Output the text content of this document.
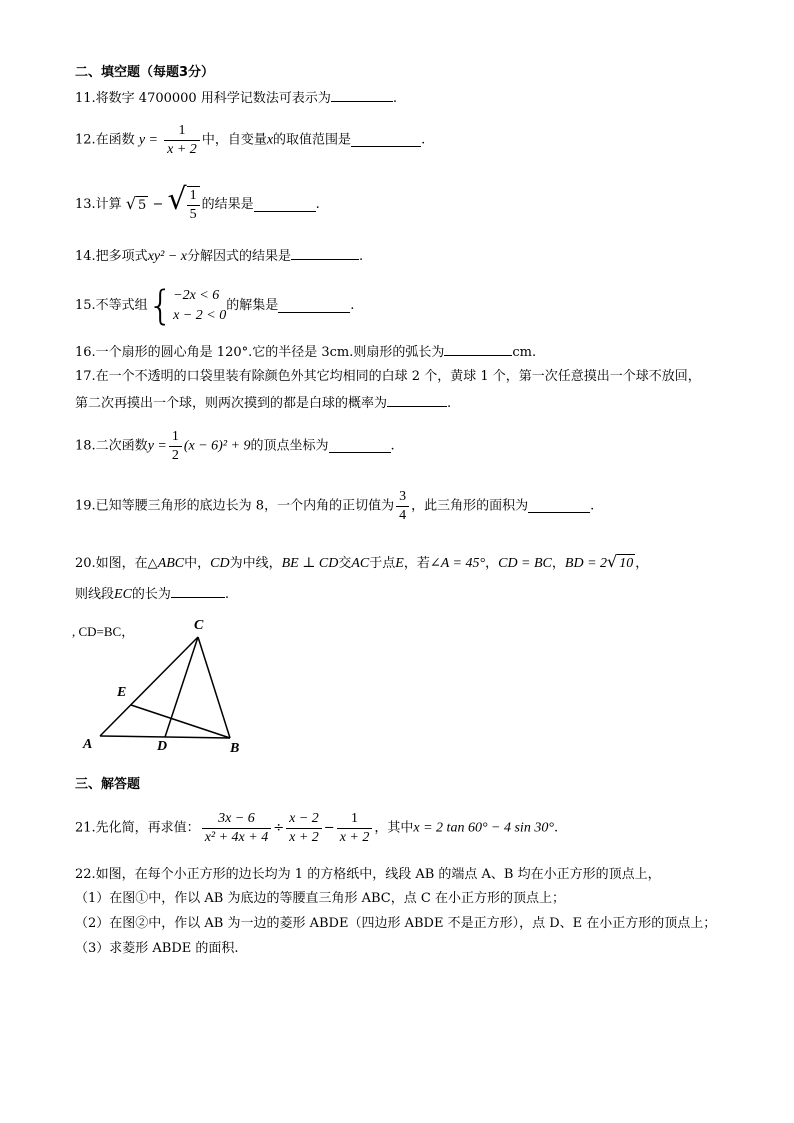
二、填空题（每题3分）
11.将数字 4700000 用科学记数法可表示为	.
12.在函数 $y = \frac{1}{x + 2}$ 中，自变量x的取值范围是	.
13.计算 √ 5 − √ $\frac{1}{5}$ 的结果是	.
14.把多项式xy² − x分解因式的结果是	.
15.不等式组{ −2x < 6
x − 2 < 0
的解集是	.
16.一个扇形的圆心角是 120°.它的半径是 3cm.则扇形的弧长为	cm.
17.在一个不透明的口袋里装有除颜色外其它均相同的白球 2 个，黄球 1 个，第一次任意摸出一个球不放回，
第二次再摸出一个球，则两次摸到的都是白球的概率为	.
18.二次函数$y = \frac{1}{2} (x - 6)^2 + 9$的顶点坐标为	.
19.已知等腰三角形的底边长为 8，一个内角的正切值为 $\frac{3}{4}$ ，此三角形的面积为	.
20.如图，在△ABC中，CD为中线，BE ⊥ CD交AC于点E，若∠A = 45°，CD = BC，BD = 2√ 10 ，
则线段EC的长为	.
, CD=BC，	C
E
A	D	B
三、解答题
21.先化简，再求值： $\frac{3x - 6}{\text{x² + 4x + 4}} \div \frac{x - 2}{x + 2} - \frac{1}{x + 2}$ ，其中x = 2 tan 60° − 4 sin 30°.
22.如图，在每个小正方形的边长均为 1 的方格纸中，线段 AB 的端点 A、B 均在小正方形的顶点上，
（1）在图①中，作以 AB 为底边的等腰直三角形 ABC，点 C 在小正方形的顶点上；
（2）在图②中，作以 AB 为一边的菱形 ABDE（四边形 ABDE 不是正方形），点 D、E 在小正方形的顶点上；
（3）求菱形 ABDE 的面积.
